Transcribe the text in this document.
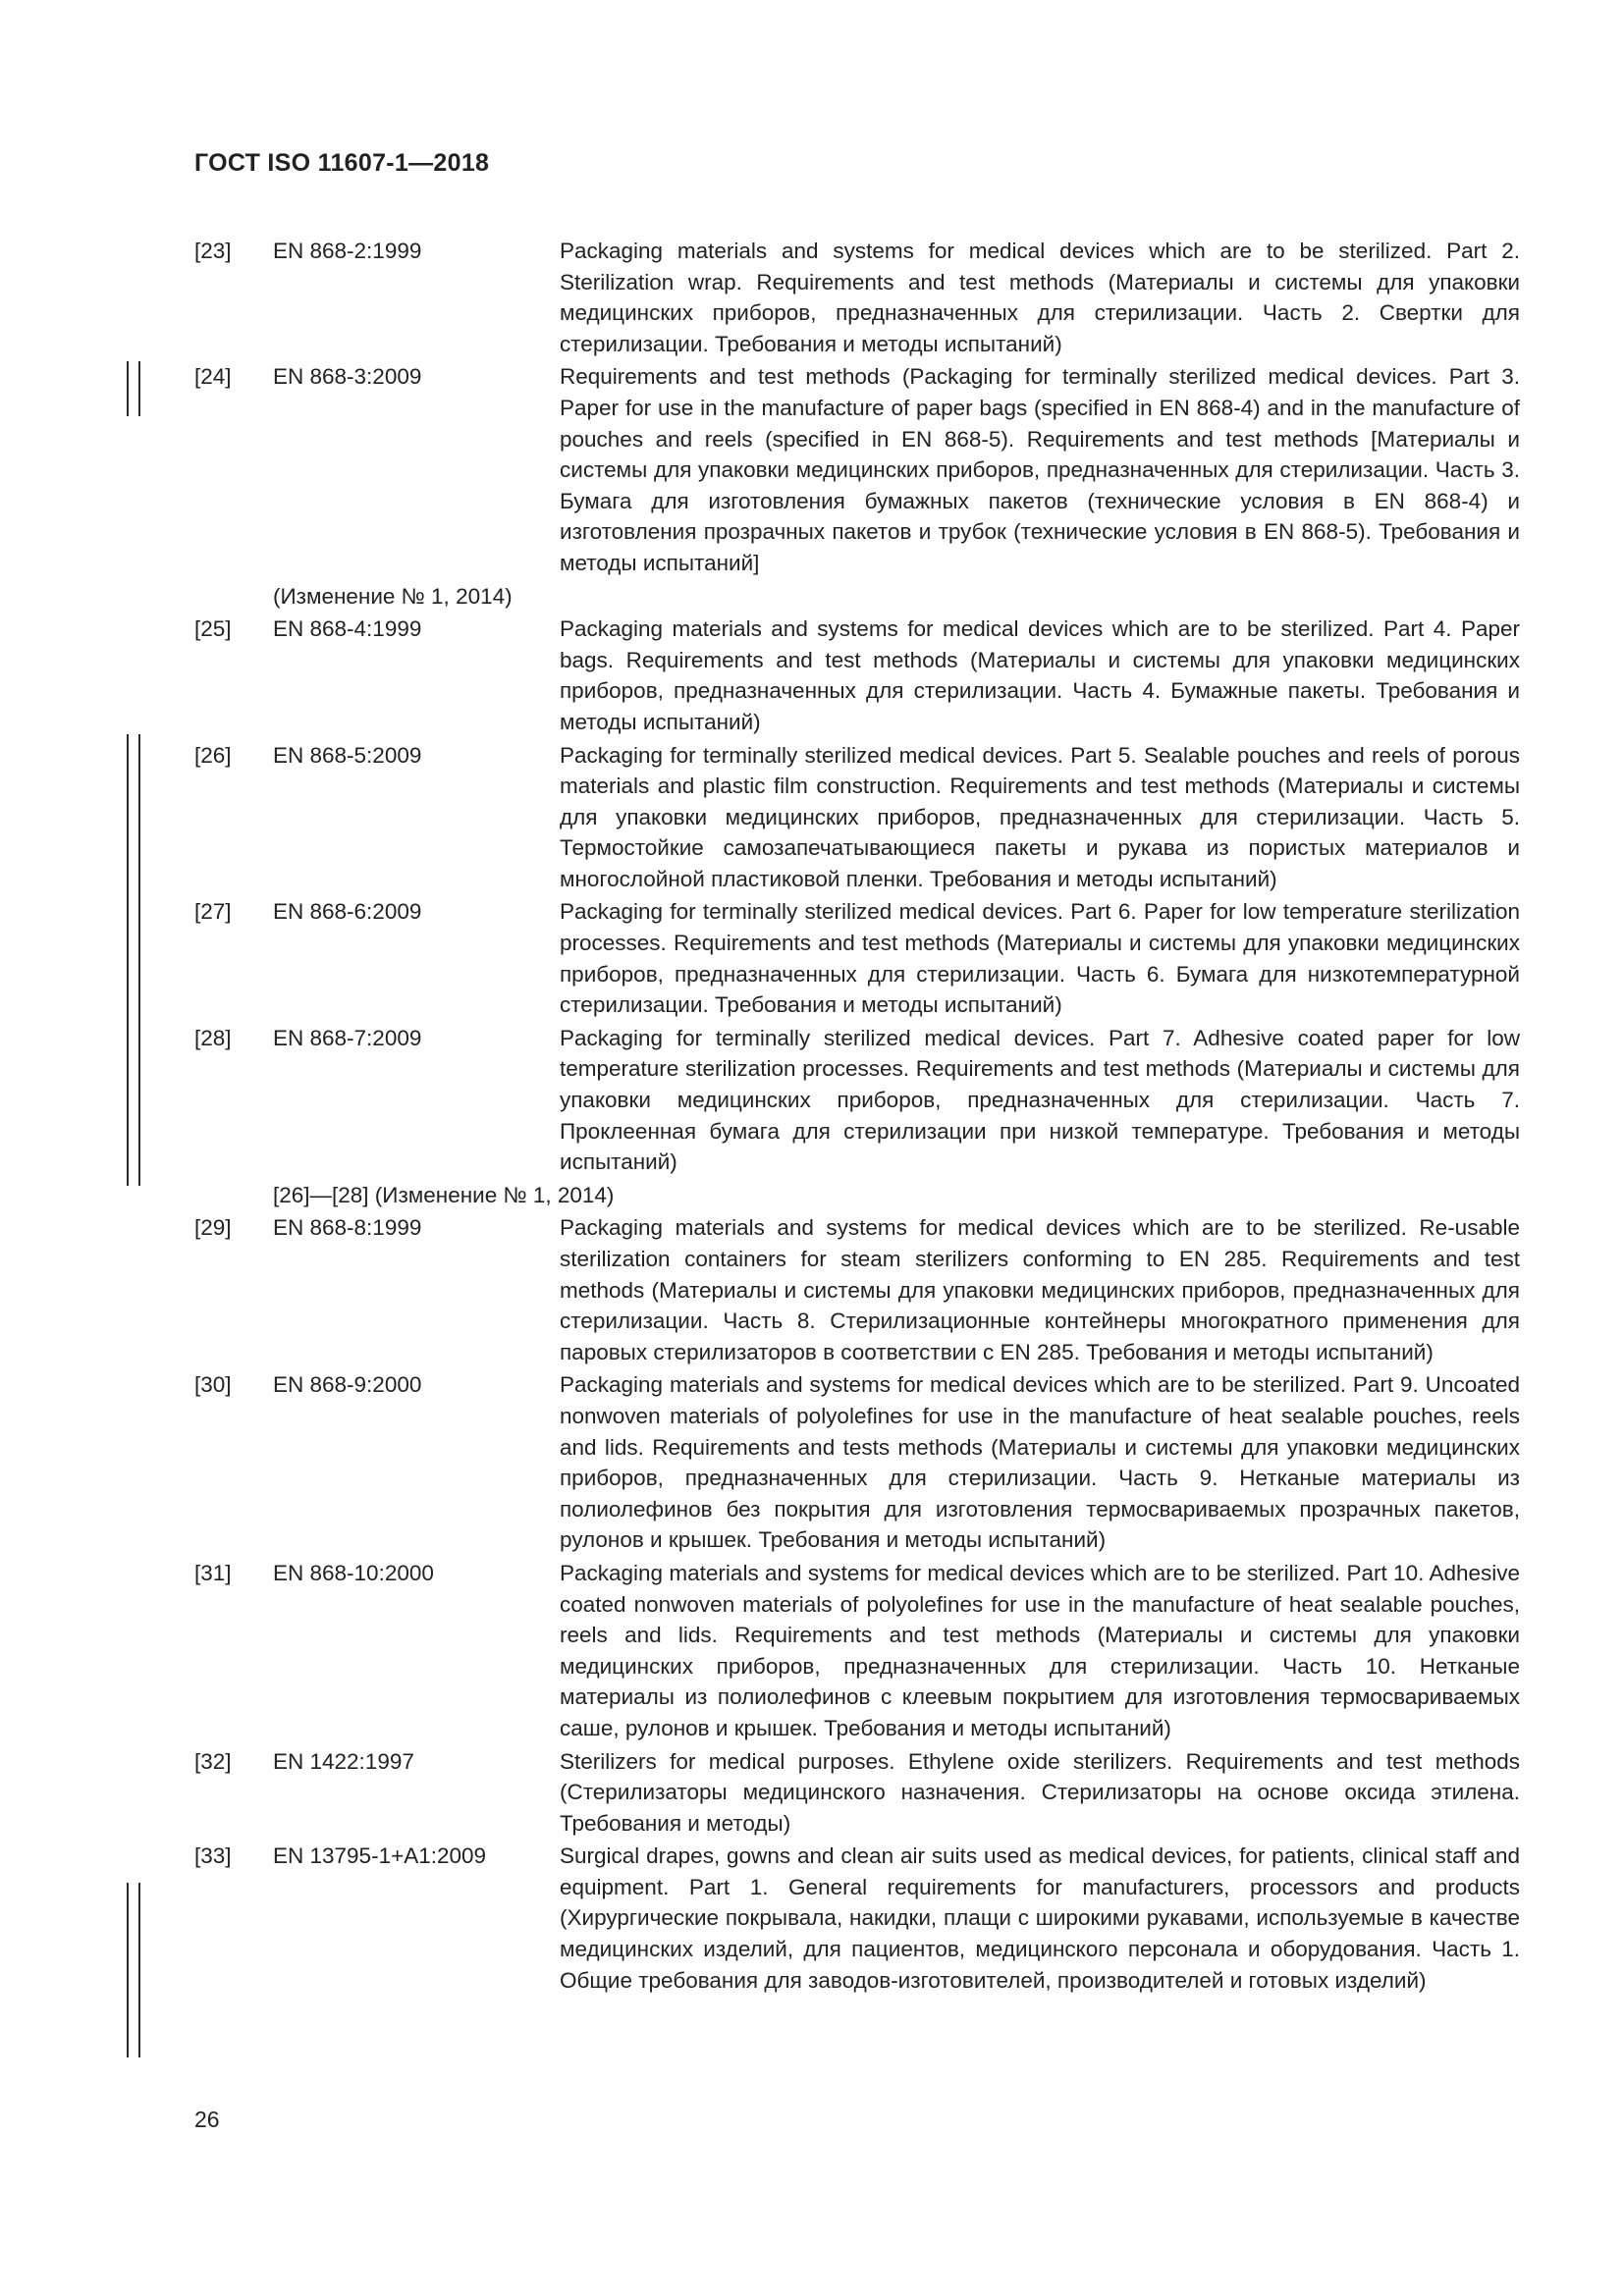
ГОСТ ISO 11607-1—2018
[23]	EN 868-2:1999	Packaging materials and systems for medical devices which are to be sterilized. Part 2. Sterilization wrap. Requirements and test methods (Материалы и системы для упаковки медицинских приборов, предназначенных для стерилизации. Часть 2. Свертки для стерилизации. Требования и методы испытаний)
[24]	EN 868-3:2009	Requirements and test methods (Packaging for terminally sterilized medical devices. Part 3. Paper for use in the manufacture of paper bags (specified in EN 868-4) and in the manufacture of pouches and reels (specified in EN 868-5). Requirements and test methods [Материалы и системы для упаковки медицинских приборов, предназначенных для стерилизации. Часть 3. Бумага для изготовления бумажных пакетов (технические условия в EN 868-4) и изготовления прозрачных пакетов и трубок (технические условия в EN 868-5). Требования и методы испытаний]
(Изменение № 1, 2014)
[25]	EN 868-4:1999	Packaging materials and systems for medical devices which are to be sterilized. Part 4. Paper bags. Requirements and test methods (Материалы и системы для упаковки медицинских приборов, предназначенных для стерилизации. Часть 4. Бумажные пакеты. Требования и методы испытаний)
[26]	EN 868-5:2009	Packaging for terminally sterilized medical devices. Part 5. Sealable pouches and reels of porous materials and plastic film construction. Requirements and test methods (Материалы и системы для упаковки медицинских приборов, предназначенных для стерилизации. Часть 5. Термостойкие самозапечатывающиеся пакеты и рукава из пористых материалов и многослойной пластиковой пленки. Требования и методы испытаний)
[27]	EN 868-6:2009	Packaging for terminally sterilized medical devices. Part 6. Paper for low temperature sterilization processes. Requirements and test methods (Материалы и системы для упаковки медицинских приборов, предназначенных для стерилизации. Часть 6. Бумага для низкотемпературной стерилизации. Требования и методы испытаний)
[28]	EN 868-7:2009	Packaging for terminally sterilized medical devices. Part 7. Adhesive coated paper for low temperature sterilization processes. Requirements and test methods (Материалы и системы для упаковки медицинских приборов, предназначенных для стерилизации. Часть 7. Проклеенная бумага для стерилизации при низкой температуре. Требования и методы испытаний)
[26]—[28] (Изменение № 1, 2014)
[29]	EN 868-8:1999	Packaging materials and systems for medical devices which are to be sterilized. Re-usable sterilization containers for steam sterilizers conforming to EN 285. Requirements and test methods (Материалы и системы для упаковки медицинских приборов, предназначенных для стерилизации. Часть 8. Стерилизационные контейнеры многократного применения для паровых стерилизаторов в соответствии с EN 285. Требования и методы испытаний)
[30]	EN 868-9:2000	Packaging materials and systems for medical devices which are to be sterilized. Part 9. Uncoated nonwoven materials of polyolefines for use in the manufacture of heat sealable pouches, reels and lids. Requirements and tests methods (Материалы и системы для упаковки медицинских приборов, предназначенных для стерилизации. Часть 9. Нетканые материалы из полиолефинов без покрытия для изготовления термосвариваемых прозрачных пакетов, рулонов и крышек. Требования и методы испытаний)
[31]	EN 868-10:2000	Packaging materials and systems for medical devices which are to be sterilized. Part 10. Adhesive coated nonwoven materials of polyolefines for use in the manufacture of heat sealable pouches, reels and lids. Requirements and test methods (Материалы и системы для упаковки медицинских приборов, предназначенных для стерилизации. Часть 10. Нетканые материалы из полиолефинов с клеевым покрытием для изготовления термосвариваемых саше, рулонов и крышек. Требования и методы испытаний)
[32]	EN 1422:1997	Sterilizers for medical purposes. Ethylene oxide sterilizers. Requirements and test methods (Стерилизаторы медицинского назначения. Стерилизаторы на основе оксида этилена. Требования и методы)
[33]	EN 13795-1+A1:2009	Surgical drapes, gowns and clean air suits used as medical devices, for patients, clinical staff and equipment. Part 1. General requirements for manufacturers, processors and products (Хирургические покрывала, накидки, плащи с широкими рукавами, используемые в качестве медицинских изделий, для пациентов, медицинского персонала и оборудования. Часть 1. Общие требования для заводов-изготовителей, производителей и готовых изделий)
26
